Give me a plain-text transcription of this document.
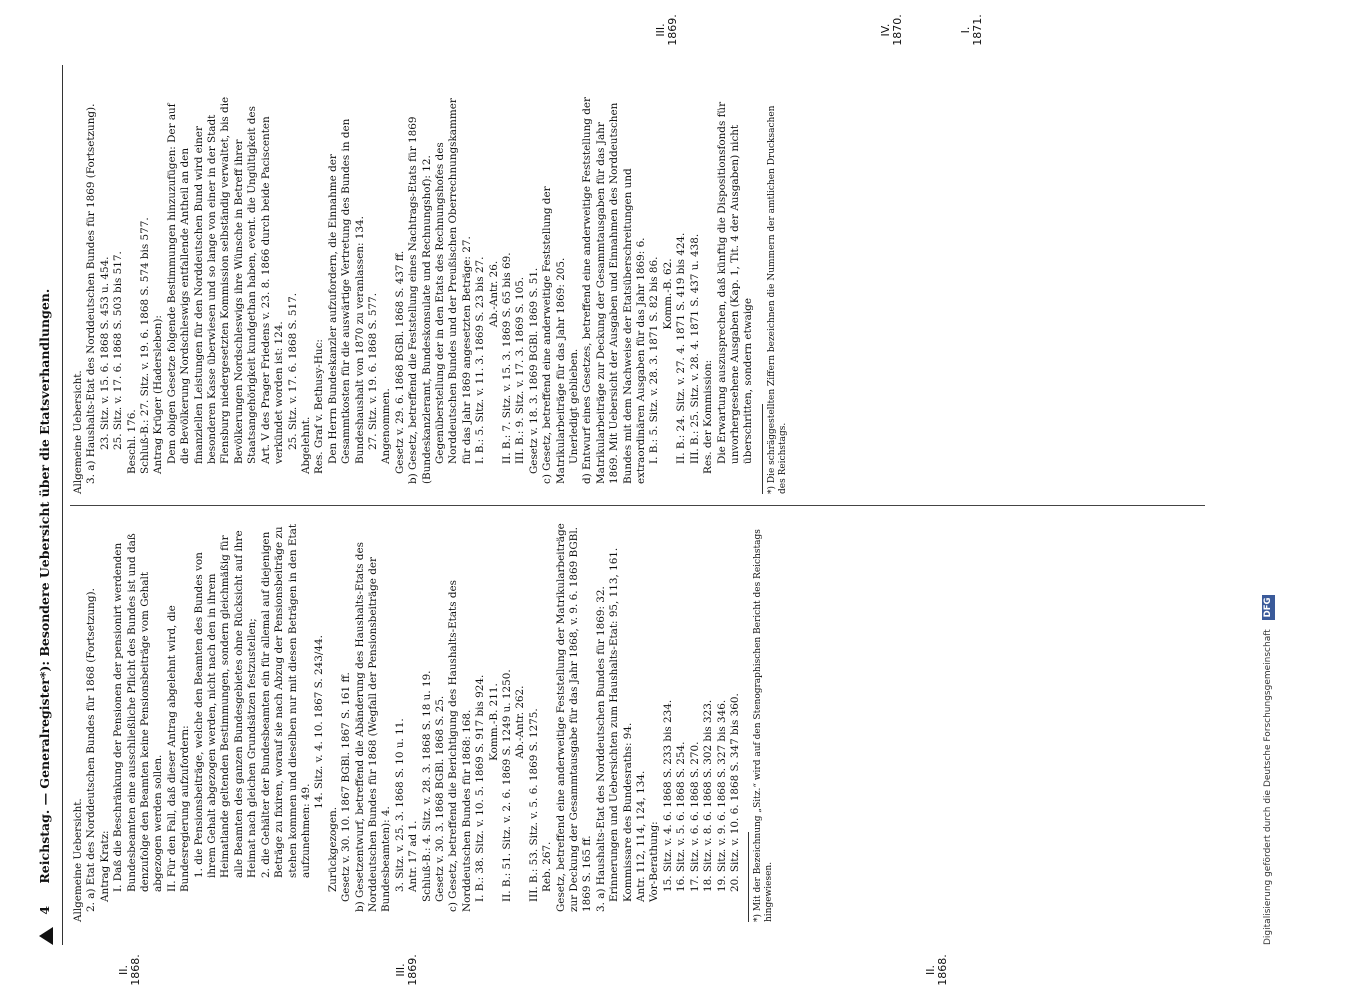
4 Reichstag. — Generalregister*): Besondere Uebersicht über die Etatsverhandlungen.
II.
1868.	III.
1869.	II.
1868.

Allgemeine Uebersicht. 2. a) Etat des Norddeutschen Bundes für 1868 (Fortsetzung). Antrag Kratz: I. Daß die Beschränkung der Pensionen der pensionirt werdenden Bundesbeamten eine ausschließliche Pflicht des Bundes ist und daß denzufolge den Beamten keine Pensionsbeiträge vom Gehalt abgezogen werden sollen. II. Für den Fall, daß dieser Antrag abgelehnt wird, die Bundesregierung aufzufordern: 1. die Pensionsbeiträge, welche den Beamten des Bundes von ihrem Gehalt abgezogen werden, nicht nach den in ihrem Heimatlande geltenden Bestimmungen, sondern gleichmäßig für alle Beamten des ganzen Bundesgebietes ohne Rücksicht auf ihre Heimat nach gleichen Grundsätzen festzustellen; 2. die Gehälter der Bundesbeamten ein für allemal auf diejenigen Beträge zu fixiren, worauf sie nach Abzug der Pensionsbeiträge zu stehen kommen und dieselben nur mit diesen Beträgen in den Etat aufzunehmen: 49.

14. Sitz. v. 4. 10. 1867 S. 243/44.

Zurückgezogen. Gesetz v. 30. 10. 1867 BGBl. 1867 S. 161 ff. b) Gesetzentwurf, betreffend die Abänderung des Haushalts-Etats des Norddeutschen Bundes für 1868 (Wegfall der Pensionsbeiträge der Bundesbeamten): 4. 3. Sitz. v. 25. 3. 1868 S. 10 u. 11. Antr. 17 ad 1. Schluß-B.: 4. Sitz. v. 28. 3. 1868 S. 18 u. 19. Gesetz v. 30. 3. 1868 BGBl. 1868 S. 25. c) Gesetz, betreffend die Berichtigung des Haushalts-Etats des Norddeutschen Bundes für 1868: 168. I. B.: 38. Sitz. v. 10. 5. 1869 S. 917 bis 924. Komm.-B. 211. II. B.: 51. Sitz. v. 2. 6. 1869 S. 1249 u. 1250. Ab.-Antr. 262. III. B.: 53. Sitz. v. 5. 6. 1869 S. 1275. Reb. 267. Gesetz, betreffend eine anderweitige Feststellung der Matrikularbeiträge zur Deckung der Gesammtausgabe für das Jahr 1868, v. 9. 6. 1869 BGBl. 1869 S. 165 ff. 3. a) Haushalts-Etat des Norddeutschen Bundes für 1869: 32. Erinnerungen und Uebersichten zum Haushalts-Etat: 95, 113, 161. Kommissare des Bundesraths: 94. Antr. 112, 114, 124, 134. Vor-Berathung: 15. Sitz. v. 4. 6. 1868 S. 233 bis 234. 16. Sitz. v. 5. 6. 1868 S. 254. 17. Sitz. v. 6. 6. 1868 S. 270. 18. Sitz. v. 8. 6. 1868 S. 302 bis 323. 19. Sitz. v. 9. 6. 1868 S. 327 bis 346. 20. Sitz. v. 10. 6. 1868 S. 347 bis 360. *) Mit der Bezeichnung „Sitz.“ wird auf den Stenographischen Bericht des Reichstags hingewiesen.

Allgemeine Uebersicht. 3. a) Haushalts-Etat des Norddeutschen Bundes für 1869 (Fortsetzung). 23. Sitz. v. 15. 6. 1868 S. 453 u. 454. 25. Sitz. v. 17. 6. 1868 S. 503 bis 517. Beschl. 176. Schluß-B.: 27. Sitz. v. 19. 6. 1868 S. 574 bis 577. Antrag Krüger (Hadersleben): Dem obigen Gesetze folgende Bestimmungen hinzuzufügen: Der auf die Bevölkerung Nordschleswigs entfallende Antheil an den finanziellen Leistungen für den Norddeutschen Bund wird einer besonderen Kasse überwiesen und so lange von einer in der Stadt Flensburg niedergesetzten Kommission selbständig verwaltet, bis die Bevölkerungen Nordschleswigs ihre Wünsche in Betreff ihrer Staatsangehörigkeit kundgethan haben, event. die Ungültigkeit des Art. V des Prager Friedens v. 23. 8. 1866 durch beide Paciscenten verkündet worden ist: 124. 25. Sitz. v. 17. 6. 1868 S. 517. Abgelehnt. Res. Graf v. Bethusy-Huc: Den Herrn Bundeskanzler aufzufordern, die Einnahme der Gesammtkosten für die auswärtige Vertretung des Bundes in den Bundeshaushalt von 1870 zu veranlassen: 134. 27. Sitz. v. 19. 6. 1868 S. 577. Angenommen. Gesetz v. 29. 6. 1868 BGBl. 1868 S. 437 ff. b) Gesetz, betreffend die Feststellung eines Nachtrags-Etats für 1869 (Bundeskanzleramt, Bundeskonsulate und Rechnungshof): 12. Gegenüberstellung der in den Etats des Rechnungshofes des Norddeutschen Bundes und der Preußischen Oberrechnungskammer für das Jahr 1869 angesetzten Beträge: 27. I. B.: 5. Sitz. v. 11. 3. 1869 S. 23 bis 27. Ab.-Antr. 26. II. B.: 7. Sitz. v. 15. 3. 1869 S. 65 bis 69. III. B.: 9. Sitz. v. 17. 3. 1869 S. 105. Gesetz v. 18. 3. 1869 BGBl. 1869 S. 51. c) Gesetz, betreffend eine anderweitige Feststellung der Matrikularbeiträge für das Jahr 1869: 205. Unerledigt geblieben. d) Entwurf eines Gesetzes, betreffend eine anderweitige Feststellung der Matrikularbeiträge zur Deckung der Gesammtausgaben für das Jahr 1869. Mit Uebersicht der Ausgaben und Einnahmen des Norddeutschen Bundes mit dem Nachweise der Etatsüberschreitungen und extraordinären Ausgaben für das Jahr 1869: 6. I. B.: 5. Sitz. v. 28. 3. 1871 S. 82 bis 86. Komm.-B. 62. II. B.: 24. Sitz. v. 27. 4. 1871 S. 419 bis 424. III. B.: 25. Sitz. v. 28. 4. 1871 S. 437 u. 438. Res. der Kommission: Die Erwartung auszusprechen, daß künftig die Dispositionsfonds für unvorhergesehene Ausgaben (Kap. 1, Tit. 4 der Ausgaben) nicht überschritten, sondern etwaige *) Die schräggestellten Ziffern bezeichnen die Nummern der amtlichen Drucksachen des Reichstags.

III.
1869.	IV.
1870.	I.
1871.
Digitalisierung gefördert durch die Deutsche Forschungsgemeinschaft DFG
